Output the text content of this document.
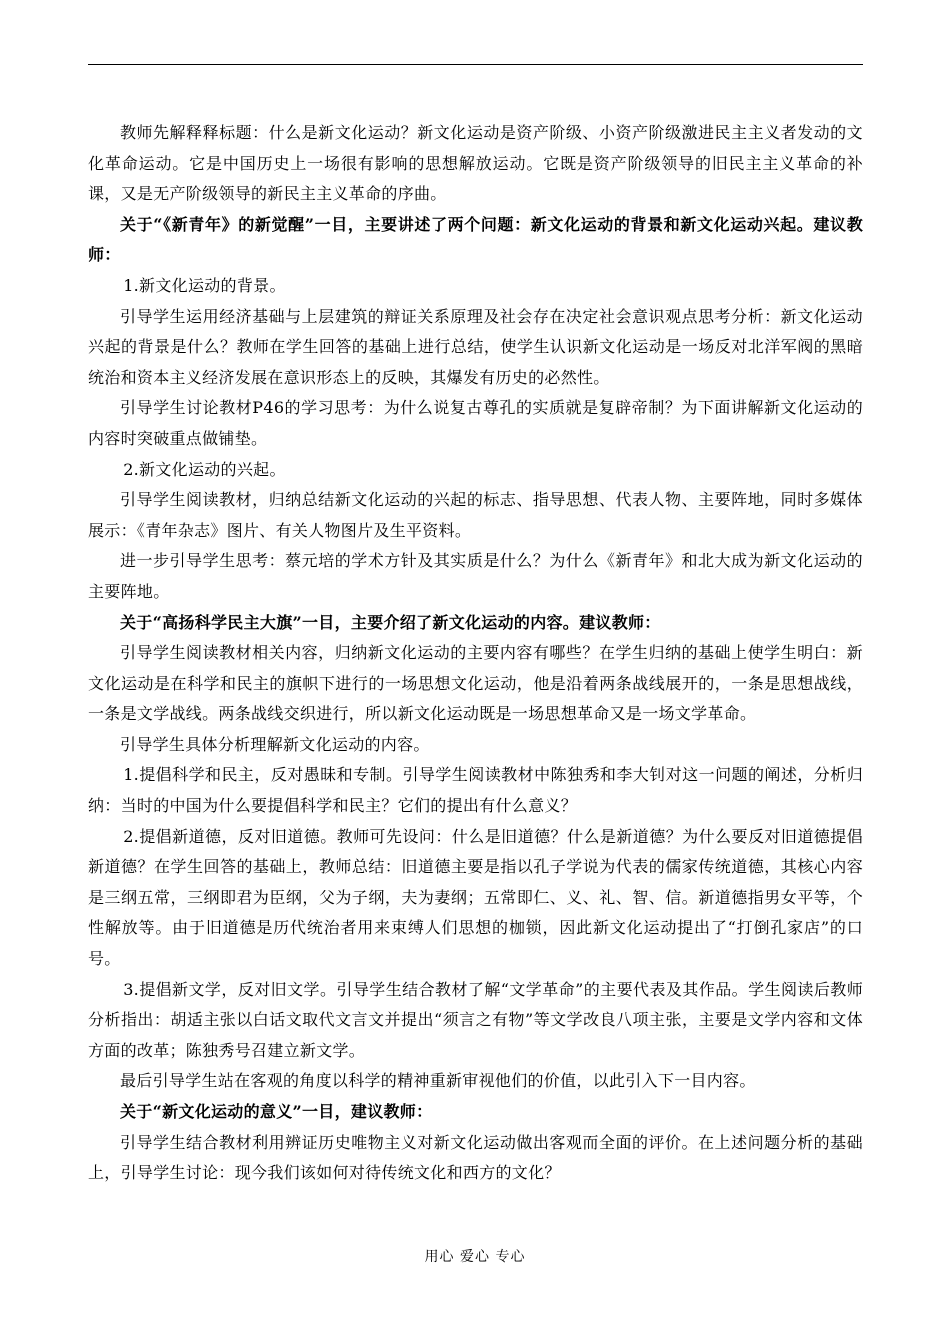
教师先解释释标题：什么是新文化运动？新文化运动是资产阶级、小资产阶级激进民主主义者发动的文化革命运动。它是中国历史上一场很有影响的思想解放运动。它既是资产阶级领导的旧民主主义革命的补课，又是无产阶级领导的新民主主义革命的序曲。

关于“《新青年》的新觉醒”一目，主要讲述了两个问题：新文化运动的背景和新文化运动兴起。建议教师：

1.新文化运动的背景。

引导学生运用经济基础与上层建筑的辩证关系原理及社会存在决定社会意识观点思考分析：新文化运动兴起的背景是什么？教师在学生回答的基础上进行总结，使学生认识新文化运动是一场反对北洋军阀的黑暗统治和资本主义经济发展在意识形态上的反映，其爆发有历史的必然性。

引导学生讨论教材P46的学习思考：为什么说复古尊孔的实质就是复辟帝制？为下面讲解新文化运动的内容时突破重点做铺垫。

2.新文化运动的兴起。

引导学生阅读教材，归纳总结新文化运动的兴起的标志、指导思想、代表人物、主要阵地，同时多媒体展示：《青年杂志》图片、有关人物图片及生平资料。

进一步引导学生思考：蔡元培的学术方针及其实质是什么？为什么《新青年》和北大成为新文化运动的主要阵地。

关于“高扬科学民主大旗”一目，主要介绍了新文化运动的内容。建议教师：

引导学生阅读教材相关内容，归纳新文化运动的主要内容有哪些？在学生归纳的基础上使学生明白：新文化运动是在科学和民主的旗帜下进行的一场思想文化运动，他是沿着两条战线展开的，一条是思想战线，一条是文学战线。两条战线交织进行，所以新文化运动既是一场思想革命又是一场文学革命。

引导学生具体分析理解新文化运动的内容。

1.提倡科学和民主，反对愚昧和专制。引导学生阅读教材中陈独秀和李大钊对这一问题的阐述，分析归纳：当时的中国为什么要提倡科学和民主？它们的提出有什么意义？

2.提倡新道德，反对旧道德。教师可先设问：什么是旧道德？什么是新道德？为什么要反对旧道德提倡新道德？在学生回答的基础上，教师总结：旧道德主要是指以孔子学说为代表的儒家传统道德，其核心内容是三纲五常，三纲即君为臣纲，父为子纲，夫为妻纲；五常即仁、义、礼、智、信。新道德指男女平等，个性解放等。由于旧道德是历代统治者用来束缚人们思想的枷锁，因此新文化运动提出了“打倒孔家店”的口号。

3.提倡新文学，反对旧文学。引导学生结合教材了解“文学革命”的主要代表及其作品。学生阅读后教师分析指出：胡适主张以白话文取代文言文并提出“须言之有物”等文学改良八项主张，主要是文学内容和文体方面的改革；陈独秀号召建立新文学。

最后引导学生站在客观的角度以科学的精神重新审视他们的价值，以此引入下一目内容。

关于“新文化运动的意义”一目，建议教师：

引导学生结合教材利用辨证历史唯物主义对新文化运动做出客观而全面的评价。在上述问题分析的基础上，引导学生讨论：现今我们该如何对待传统文化和西方的文化？

用心 爱心 专心
